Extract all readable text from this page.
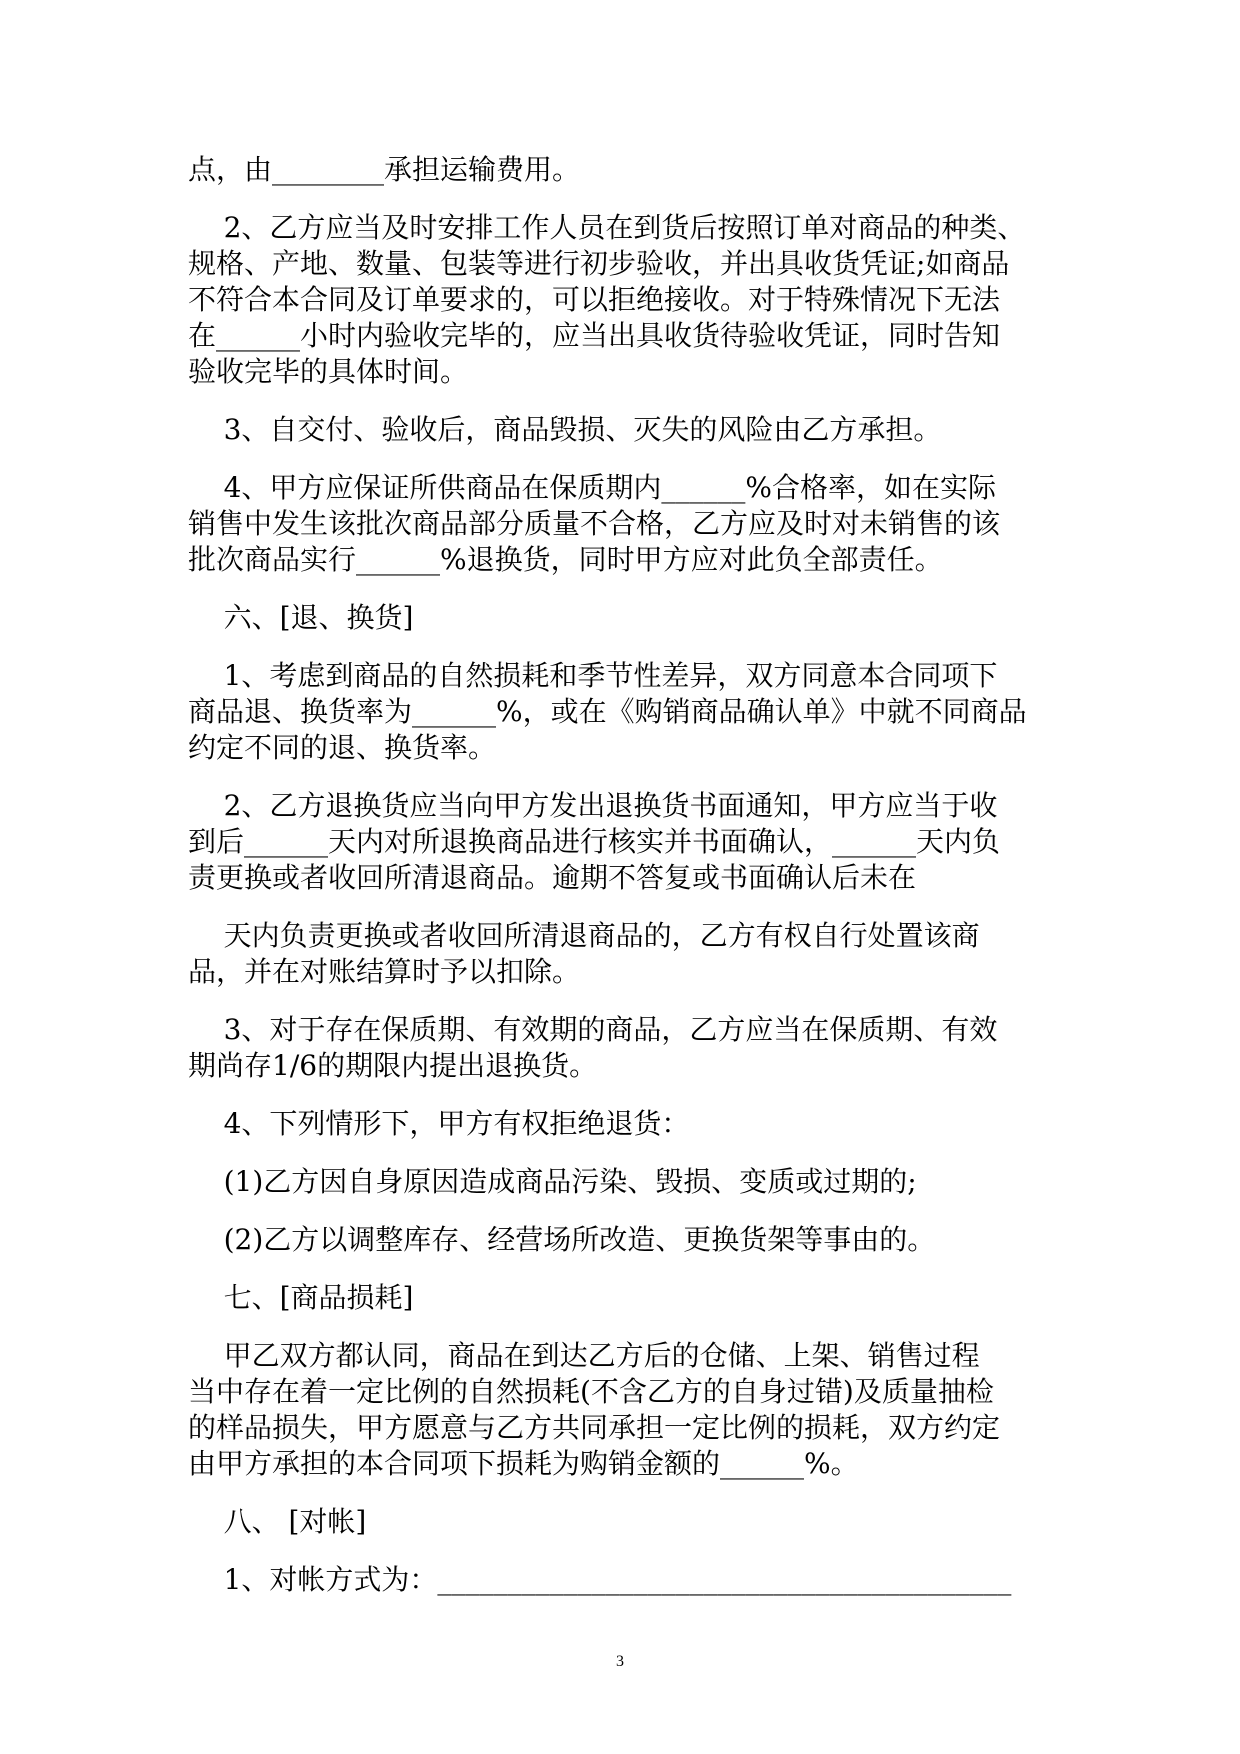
点，由________承担运输费用。
2、乙方应当及时安排工作人员在到货后按照订单对商品的种类、
规格、产地、数量、包装等进行初步验收，并出具收货凭证;如商品
不符合本合同及订单要求的，可以拒绝接收。对于特殊情况下无法
在______小时内验收完毕的，应当出具收货待验收凭证，同时告知
验收完毕的具体时间。
3、自交付、验收后，商品毁损、灭失的风险由乙方承担。
4、甲方应保证所供商品在保质期内______%合格率，如在实际
销售中发生该批次商品部分质量不合格，乙方应及时对未销售的该
批次商品实行______%退换货，同时甲方应对此负全部责任。
六、[退、换货]
1、考虑到商品的自然损耗和季节性差异，双方同意本合同项下
商品退、换货率为______%，或在《购销商品确认单》中就不同商品
约定不同的退、换货率。
2、乙方退换货应当向甲方发出退换货书面通知，甲方应当于收
到后______天内对所退换商品进行核实并书面确认，______天内负
责更换或者收回所清退商品。逾期不答复或书面确认后未在
天内负责更换或者收回所清退商品的，乙方有权自行处置该商
品，并在对账结算时予以扣除。
3、对于存在保质期、有效期的商品，乙方应当在保质期、有效
期尚存1/6的期限内提出退换货。
4、下列情形下，甲方有权拒绝退货：
(1)乙方因自身原因造成商品污染、毁损、变质或过期的;
(2)乙方以调整库存、经营场所改造、更换货架等事由的。
七、[商品损耗]
甲乙双方都认同，商品在到达乙方后的仓储、上架、销售过程
当中存在着一定比例的自然损耗(不含乙方的自身过错)及质量抽检
的样品损失，甲方愿意与乙方共同承担一定比例的损耗，双方约定
由甲方承担的本合同项下损耗为购销金额的______%。
八、 [对帐]
1、对帐方式为：_________________________________________
3
